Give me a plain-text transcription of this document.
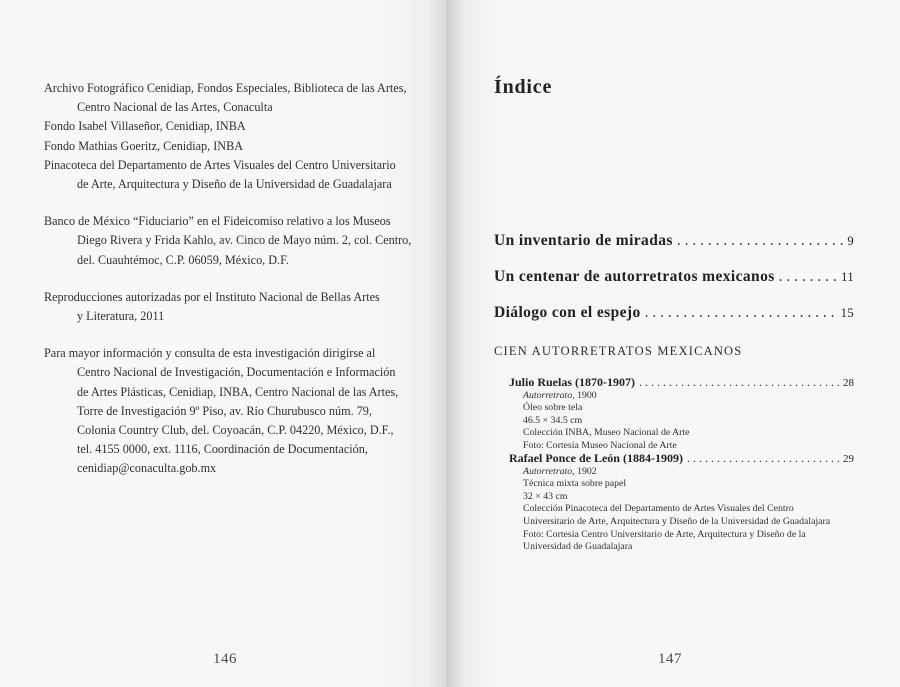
Archivo Fotográfico Cenidiap, Fondos Especiales, Biblioteca de las Artes,
Centro Nacional de las Artes, Conaculta

Fondo Isabel Villaseñor, Cenidiap, INBA

Fondo Mathias Goeritz, Cenidiap, INBA

Pinacoteca del Departamento de Artes Visuales del Centro Universitario
de Arte, Arquitectura y Diseño de la Universidad de Guadalajara

Banco de México “Fiduciario” en el Fideicomiso relativo a los Museos
Diego Rivera y Frida Kahlo, av. Cinco de Mayo núm. 2, col. Centro,
del. Cuauhtémoc, C.P. 06059, México, D.F.

Reproducciones autorizadas por el Instituto Nacional de Bellas Artes
y Literatura, 2011

Para mayor información y consulta de esta investigación dirigirse al
Centro Nacional de Investigación, Documentación e Información
de Artes Plásticas, Cenidiap, INBA, Centro Nacional de las Artes,
Torre de Investigación 9º Piso, av. Río Churubusco núm. 79,
Colonia Country Club, del. Coyoacán, C.P. 04220, México, D.F.,
tel. 4155 0000, ext. 1116, Coordinación de Documentación,
cenidiap@conaculta.gob.mx

146
Índice
Un inventario de miradas . . .	9
Un centenar de autorretratos mexicanos . . .	11
Diálogo con el espejo . . .	15
CIEN AUTORRETRATOS MEXICANOS
Julio Ruelas (1870-1907) . . .	28
Autorretrato, 1900
Óleo sobre tela
46.5 × 34.5 cm
Colección INBA, Museo Nacional de Arte
Foto: Cortesía Museo Nacional de Arte
Rafael Ponce de León (1884-1909) . . .	29
Autorretrato, 1902
Técnica mixta sobre papel
32 × 43 cm
Colección Pinacoteca del Departamento de Artes Visuales del Centro
Universitario de Arte, Arquitectura y Diseño de la Universidad de Guadalajara
Foto: Cortesía Centro Universitario de Arte, Arquitectura y Diseño de la
Universidad de Guadalajara
147
